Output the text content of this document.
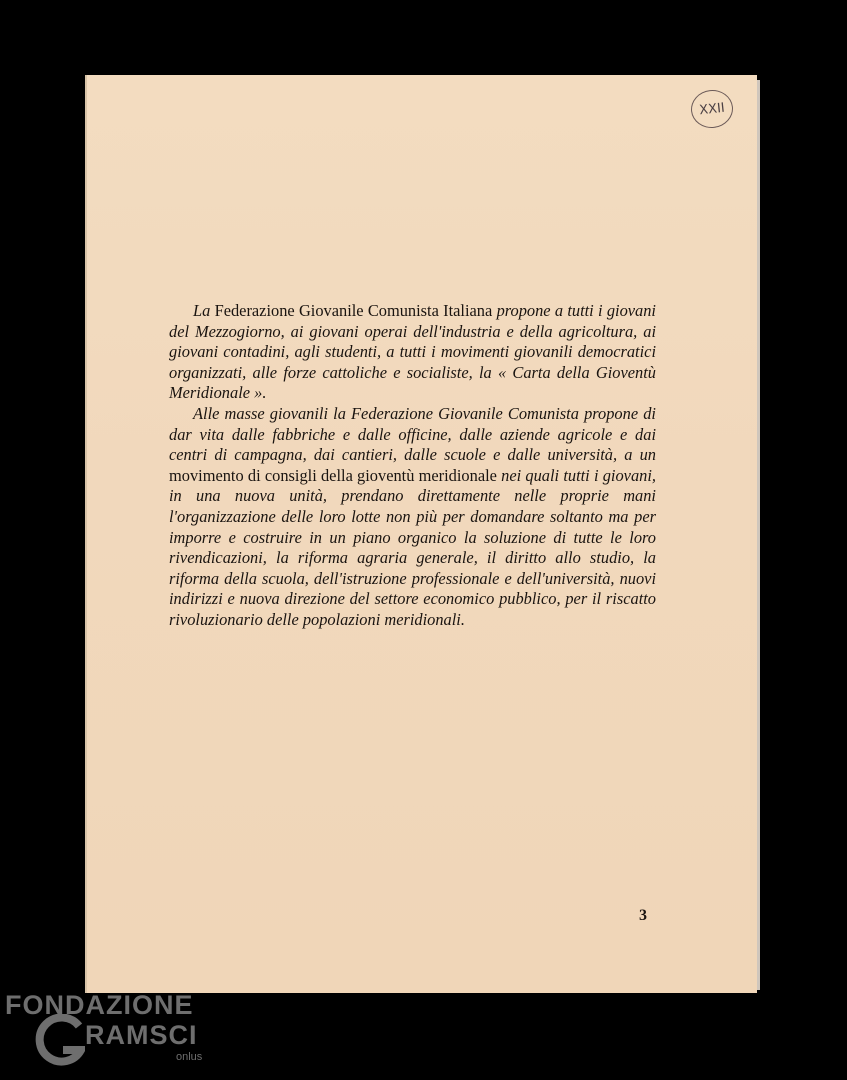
XXII

La Federazione Giovanile Comunista Italiana propone a tutti i giovani del Mezzogiorno, ai giovani operai dell'industria e della agricoltura, ai giovani contadini, agli studenti, a tutti i movimenti giovanili democratici organizzati, alle forze cattoliche e socialiste, la « Carta della Gioventù Meridionale ».

Alle masse giovanili la Federazione Giovanile Comunista propone di dar vita dalle fabbriche e dalle officine, dalle aziende agricole e dai centri di campagna, dai cantieri, dalle scuole e dalle università, a un movimento di consigli della gioventù meridionale nei quali tutti i giovani, in una nuova unità, prendano direttamente nelle proprie mani l'organizzazione delle loro lotte non più per domandare soltanto ma per imporre e costruire in un piano organico la soluzione di tutte le loro rivendicazioni, la riforma agraria generale, il diritto allo studio, la riforma della scuola, dell'istruzione professionale e dell'università, nuovi indirizzi e nuova direzione del settore economico pubblico, per il riscatto rivoluzionario delle popolazioni meridionali.

3
FONDAZIONE
RAMSCI
onlus
